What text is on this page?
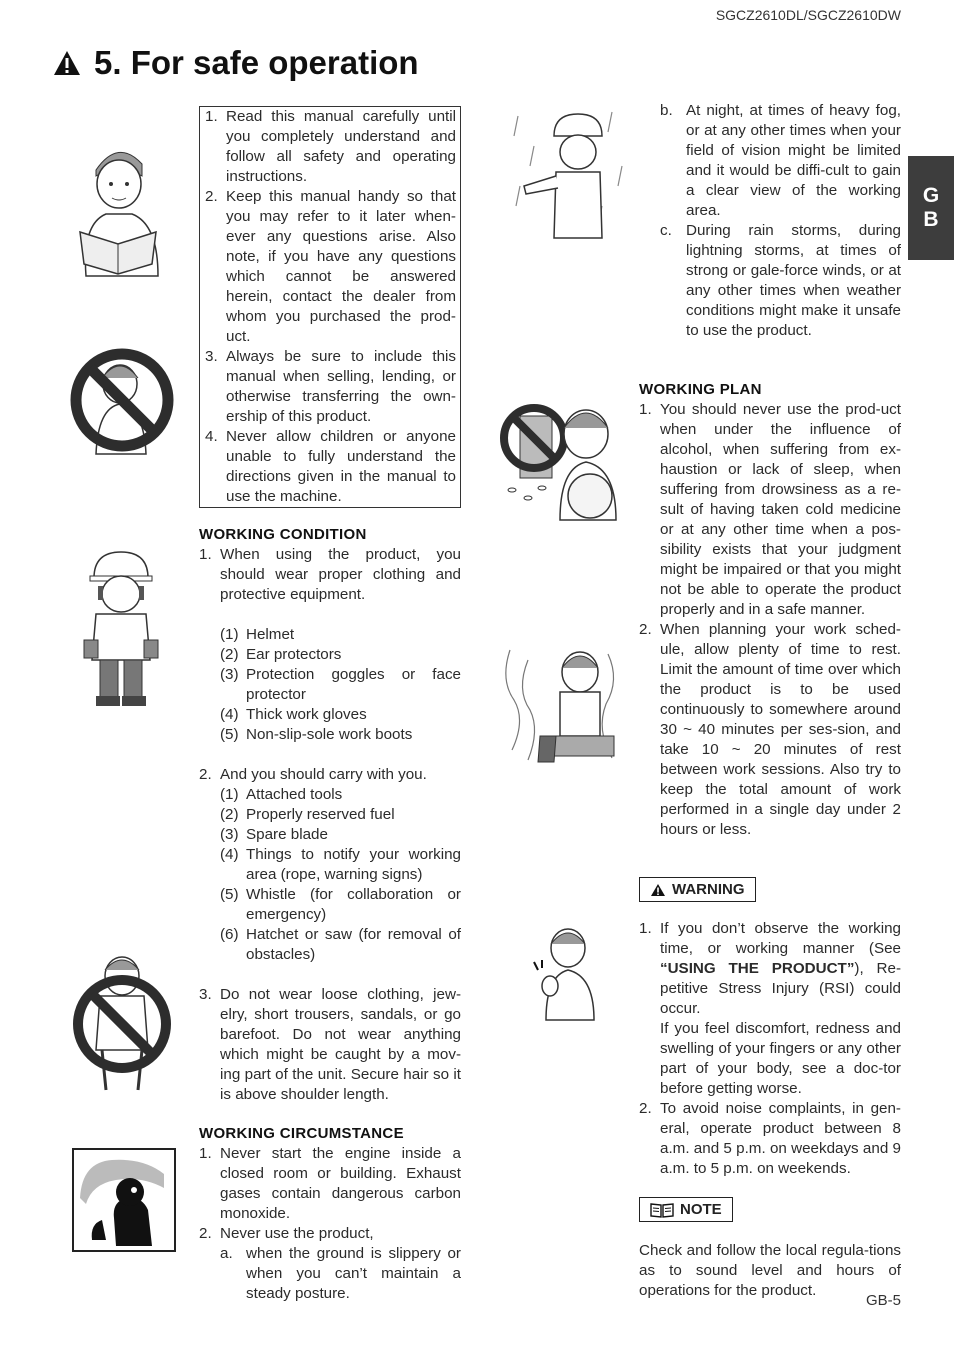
SGCZ2610DL/SGCZ2610DW
5. For safe operation
G
B
1. Read this manual carefully until you completely understand and follow all safety and operating instructions.
2. Keep this manual handy so that you may refer to it later when-ever any questions arise. Also note, if you have any questions which cannot be answered herein, contact the dealer from whom you purchased the prod-uct.
3. Always be sure to include this manual when selling, lending, or otherwise transferring the own-ership of this product.
4. Never allow children or anyone unable to fully understand the directions given in the manual to use the machine.
WORKING CONDITION
1. When using the product, you should wear proper clothing and protective equipment.
(1) Helmet
(2) Ear protectors
(3) Protection goggles or face protector
(4) Thick work gloves
(5) Non-slip-sole work boots
2. And you should carry with you.
(1) Attached tools
(2) Properly reserved fuel
(3) Spare blade
(4) Things to notify your working area (rope, warning signs)
(5) Whistle (for collaboration or emergency)
(6) Hatchet or saw (for removal of obstacles)
3. Do not wear loose clothing, jew-elry, short trousers, sandals, or go barefoot. Do not wear anything which might be caught by a mov-ing part of the unit. Secure hair so it is above shoulder length.
WORKING CIRCUMSTANCE
1. Never start the engine inside a closed room or building. Exhaust gases contain dangerous carbon monoxide.
2. Never use the product,
a. when the ground is slippery or when you can’t maintain a steady posture.
b. At night, at times of heavy fog, or at any other times when your field of vision might be limited and it would be diffi-cult to gain a clear view of the working area.
c. During rain storms, during lightning storms, at times of strong or gale-force winds, or at any other times when weather conditions might make it unsafe to use the product.
WORKING PLAN
1. You should never use the prod-uct when under the influence of alcohol, when suffering from ex-haustion or lack of sleep, when suffering from drowsiness as a re-sult of having taken cold medicine or at any other time when a pos-sibility exists that your judgment might be impaired or that you might not be able to operate the product properly and in a safe manner.
2. When planning your work sched-ule, allow plenty of time to rest. Limit the amount of time over which the product is to be used continuously to somewhere around 30 ~ 40 minutes per ses-sion, and take 10 ~ 20 minutes of rest between work sessions. Also try to keep the total amount of work performed in a single day under 2 hours or less.
WARNING
1. If you don’t observe the working time, or working manner (See “USING THE PRODUCT”), Re-petitive Stress Injury (RSI) could occur.
If you feel discomfort, redness and swelling of your fingers or any other part of your body, see a doc-tor before getting worse.
2. To avoid noise complaints, in gen-eral, operate product between 8 a.m. and 5 p.m. on weekdays and 9 a.m. to 5 p.m. on weekends.
NOTE
Check and follow the local regula-tions as to sound level and hours of operations for the product.
GB-5
